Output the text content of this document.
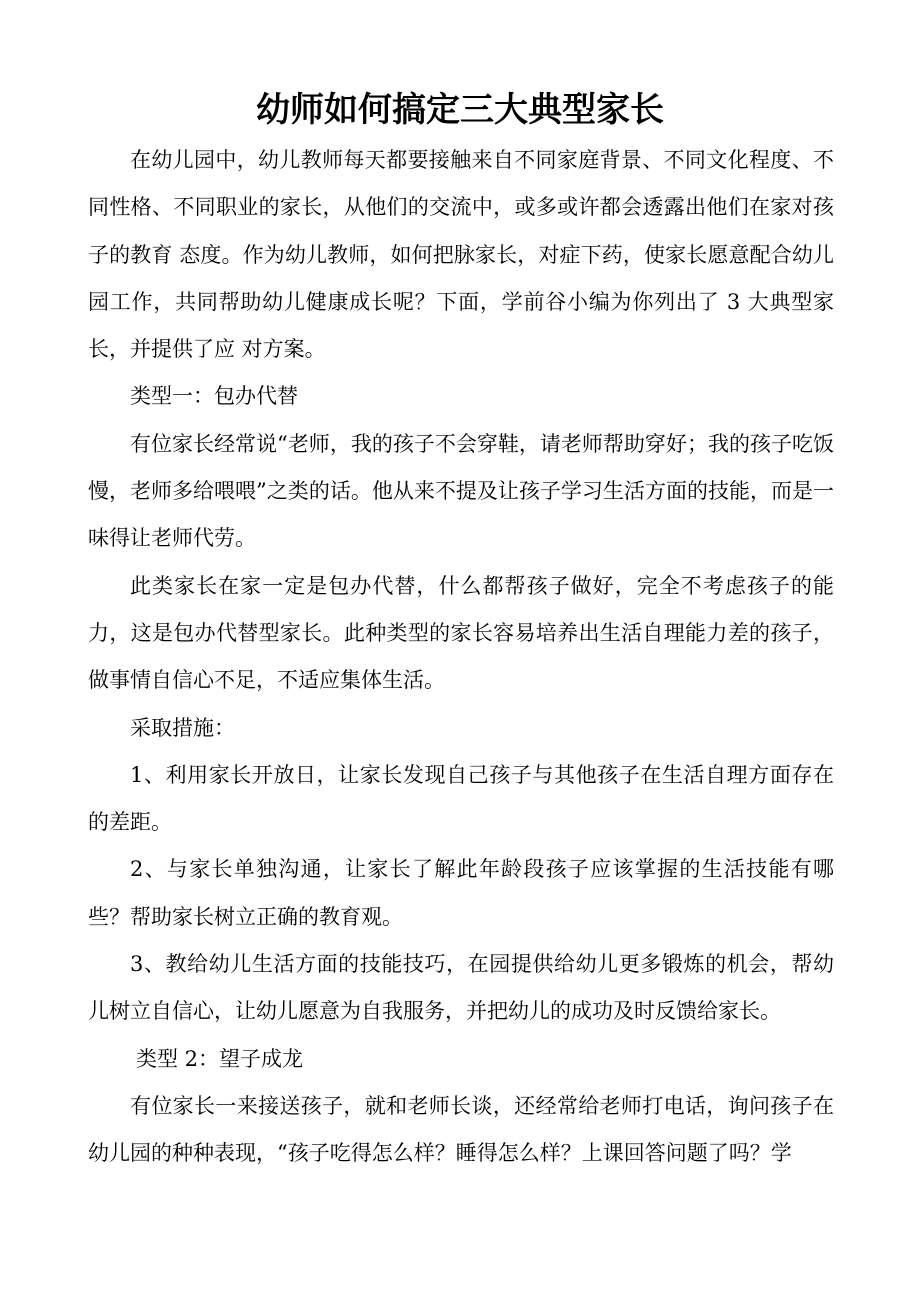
幼师如何搞定三大典型家长

在幼儿园中，幼儿教师每天都要接触来自不同家庭背景、不同文化程度、不同性格、不同职业的家长，从他们的交流中，或多或许都会透露出他们在家对孩子的教育 态度。作为幼儿教师，如何把脉家长，对症下药，使家长愿意配合幼儿园工作，共同帮助幼儿健康成长呢？下面，学前谷小编为你列出了 3 大典型家长，并提供了应 对方案。

类型一：包办代替

有位家长经常说“老师，我的孩子不会穿鞋，请老师帮助穿好；我的孩子吃饭慢，老师多给喂喂”之类的话。他从来不提及让孩子学习生活方面的技能，而是一味得让老师代劳。

此类家长在家一定是包办代替，什么都帮孩子做好，完全不考虑孩子的能力，这是包办代替型家长。此种类型的家长容易培养出生活自理能力差的孩子，做事情自信心不足，不适应集体生活。

采取措施：

1、利用家长开放日，让家长发现自己孩子与其他孩子在生活自理方面存在的差距。

2、与家长单独沟通，让家长了解此年龄段孩子应该掌握的生活技能有哪些？帮助家长树立正确的教育观。

3、教给幼儿生活方面的技能技巧，在园提供给幼儿更多锻炼的机会，帮幼儿树立自信心，让幼儿愿意为自我服务，并把幼儿的成功及时反馈给家长。

类型 2：望子成龙

有位家长一来接送孩子，就和老师长谈，还经常给老师打电话，询问孩子在幼儿园的种种表现，“孩子吃得怎么样？睡得怎么样？上课回答问题了吗？学
